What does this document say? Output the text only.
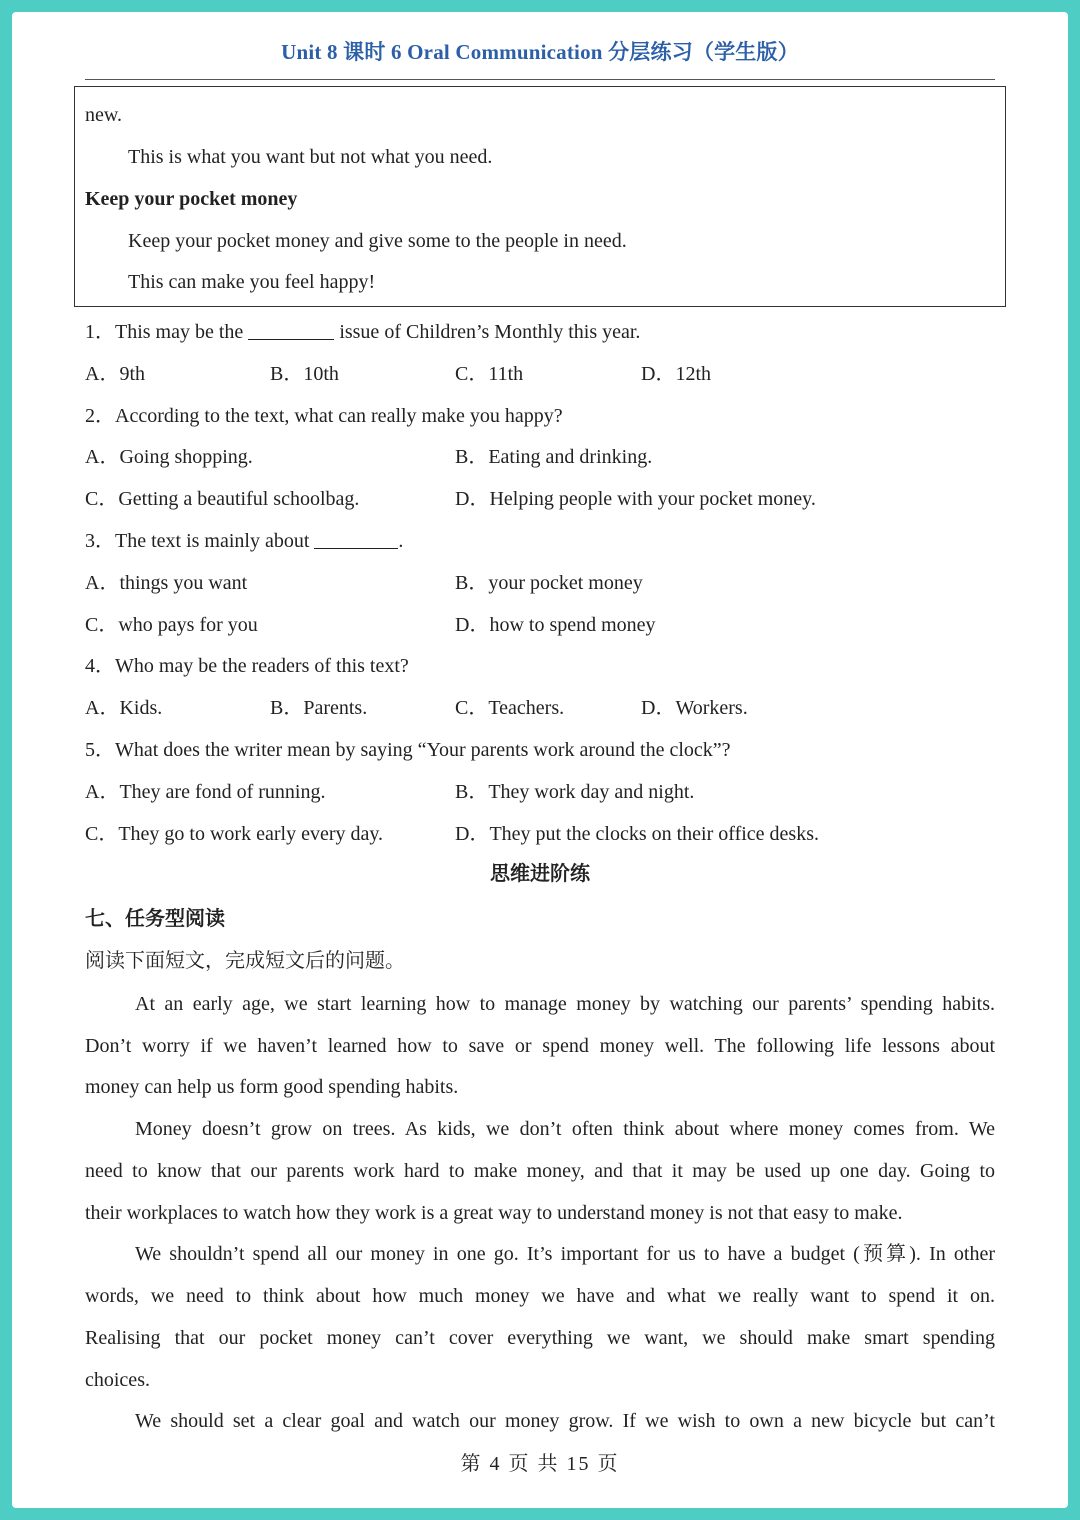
Unit 8 课时 6 Oral Communication 分层练习（学生版）
new.
This is what you want but not what you need.
Keep your pocket money
Keep your pocket money and give some to the people in need.
This can make you feel happy!
1．This may be the	issue of Children’s Monthly this year.
A．9th	B．10th	C．11th	D．12th
2．According to the text, what can really make you happy?
A．Going shopping.	B．Eating and drinking.
C．Getting a beautiful schoolbag.	D．Helping people with your pocket money.
3．The text is mainly about	.
A．things you want	B．your pocket money
C．who pays for you	D．how to spend money
4．Who may be the readers of this text?
A．Kids.	B．Parents.	C．Teachers.	D．Workers.
5．What does the writer mean by saying “Your parents work around the clock”?
A．They are fond of running.	B．They work day and night.
C．They go to work early every day.	D．They put the clocks on their office desks.
思维进阶练
七、任务型阅读
阅读下面短文，完成短文后的问题。
At an early age, we start learning how to manage money by watching our parents’ spending habits.
Don’t worry if we haven’t learned how to save or spend money well. The following life lessons about
money can help us form good spending habits.
Money doesn’t grow on trees. As kids, we don’t often think about where money comes from. We
need to know that our parents work hard to make money, and that it may be used up one day. Going to
their workplaces to watch how they work is a great way to understand money is not that easy to make.
We shouldn’t spend all our money in one go. It’s important for us to have a budget (预算). In other
words, we need to think about how much money we have and what we really want to spend it on.
Realising that our pocket money can’t cover everything we want, we should make smart spending
choices.
We should set a clear goal and watch our money grow. If we wish to own a new bicycle but can’t
第 4 页 共 15 页
